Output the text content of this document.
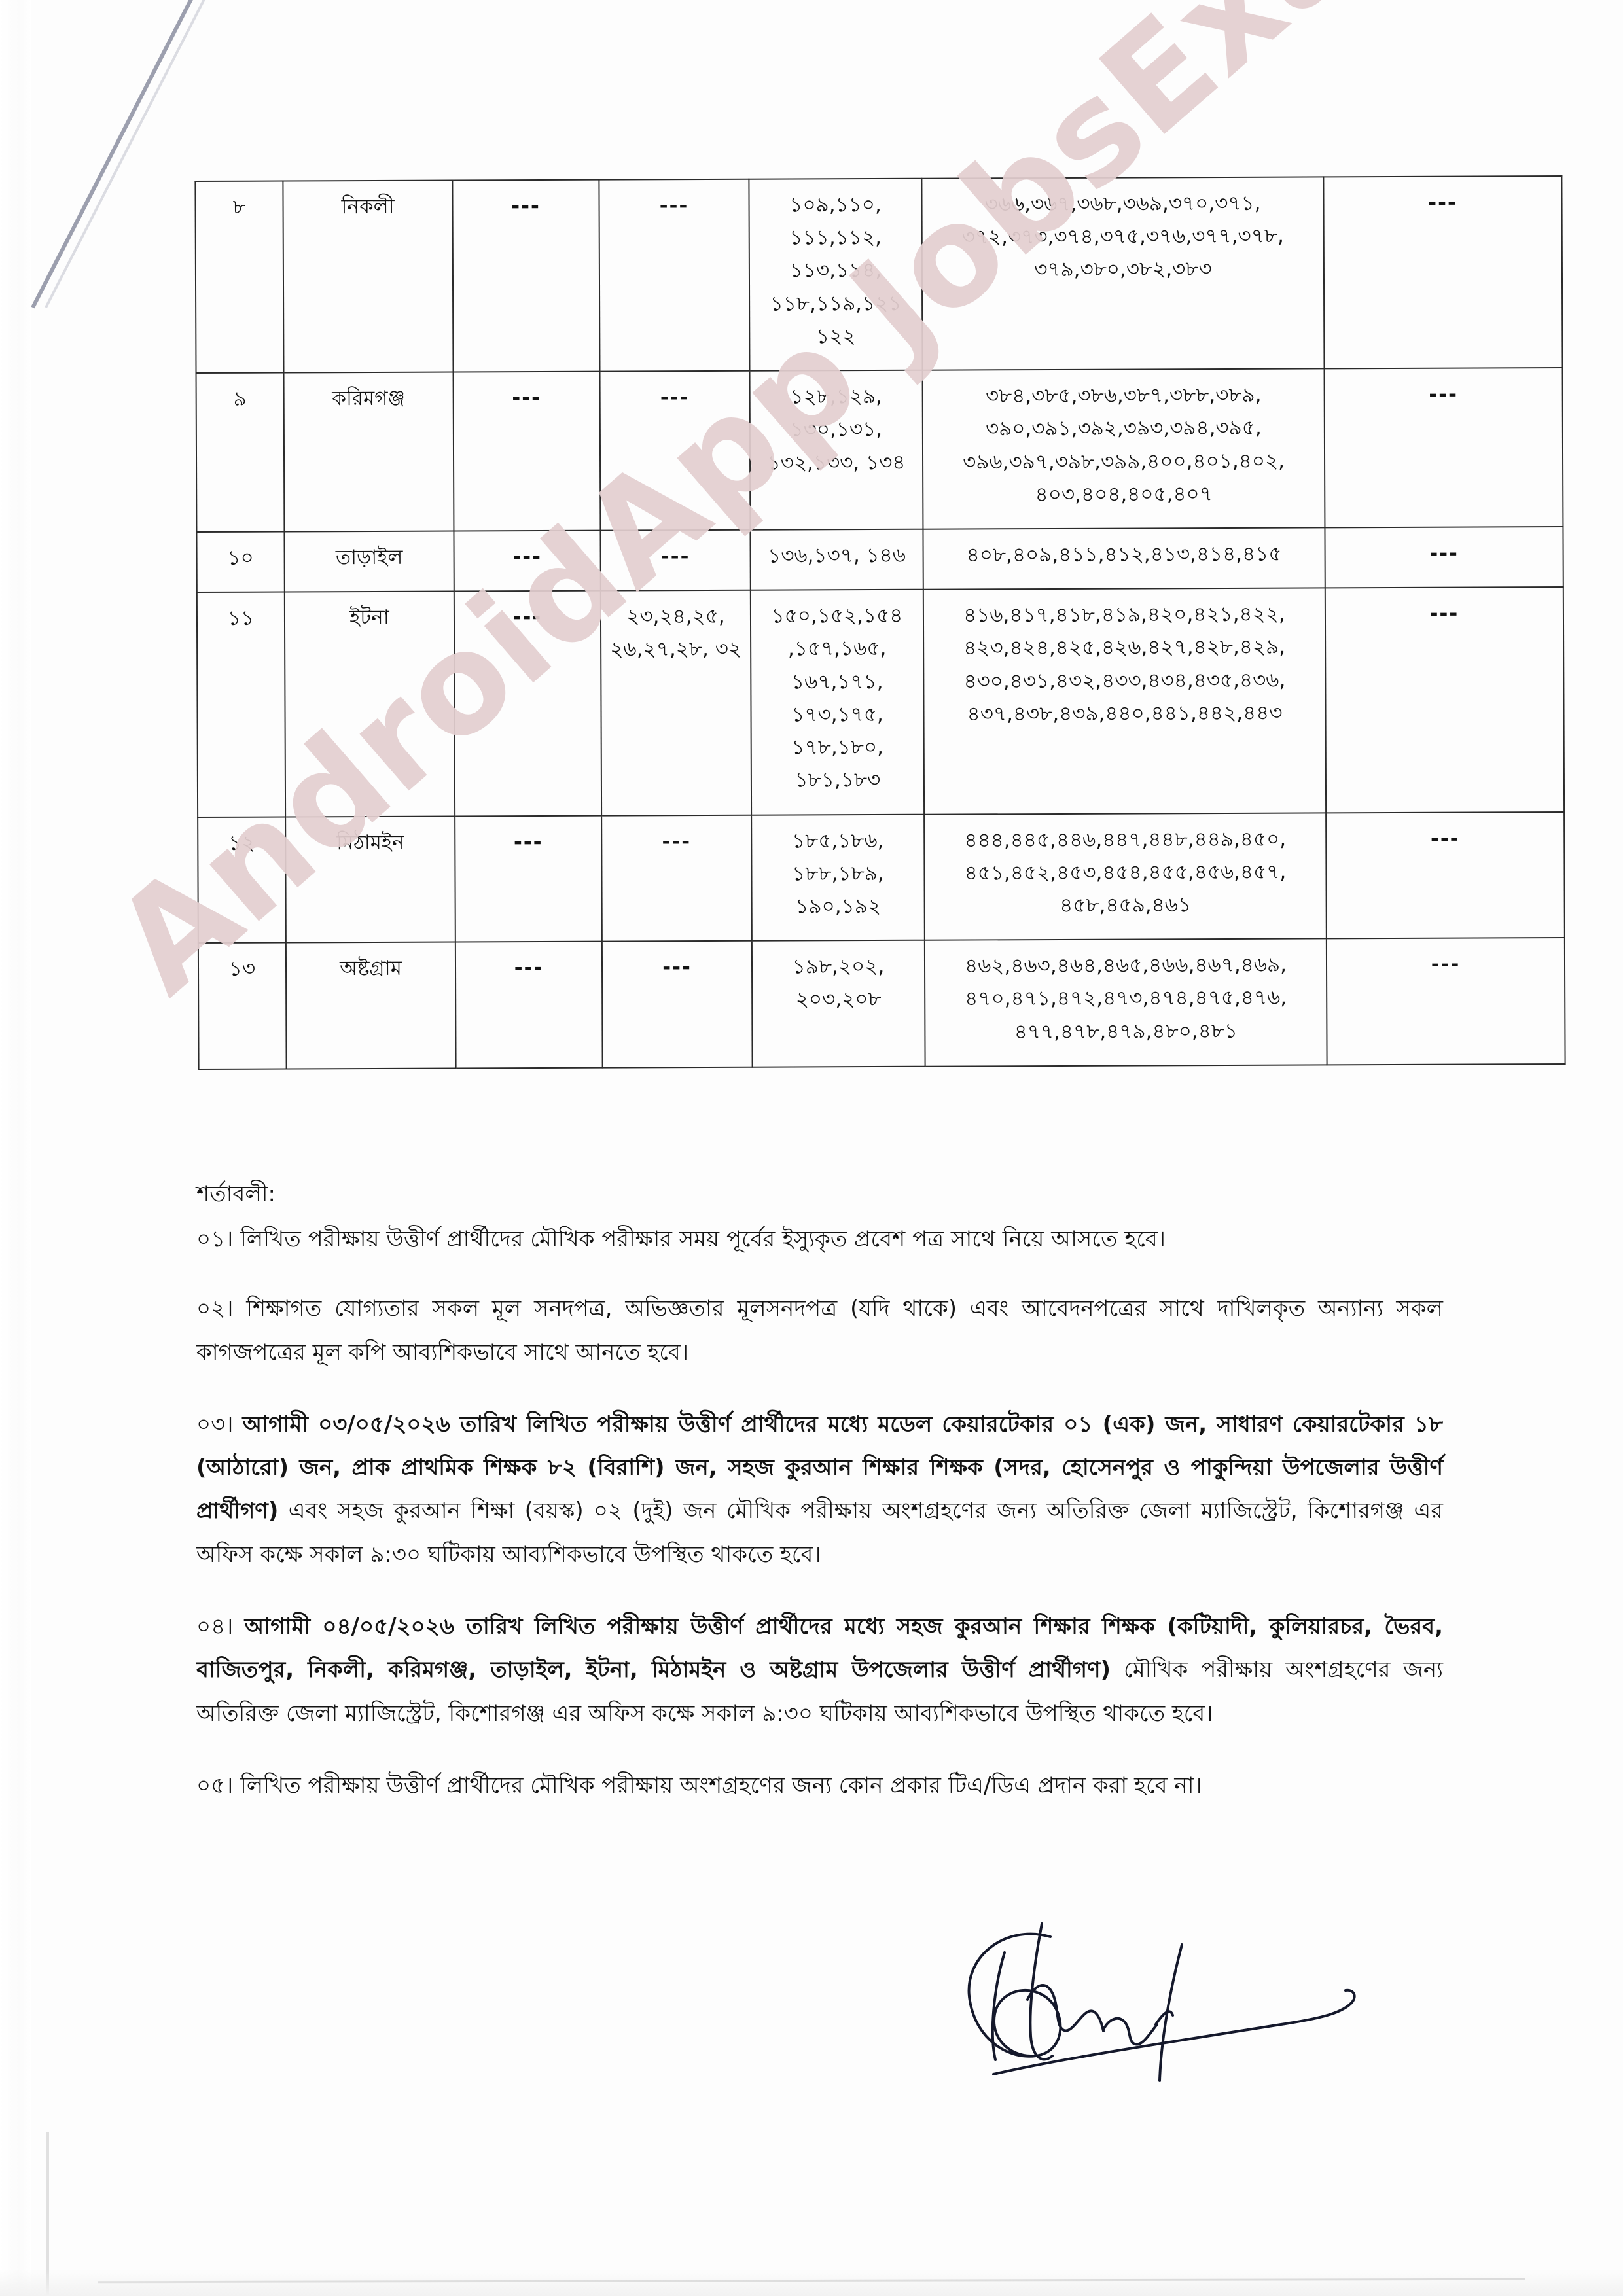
৮	নিকলী	---	---	১০৯,১১০, ১১১,১১২, ১১৩,১১৪, ১১৮,১১৯,১২১ ১২২	৩৬৬,৩৬৭,৩৬৮,৩৬৯,৩৭০,৩৭১, ৩৭২,৩৭৩,৩৭৪,৩৭৫,৩৭৬,৩৭৭,৩৭৮, ৩৭৯,৩৮০,৩৮২,৩৮৩	---
৯	করিমগঞ্জ	---	---	১২৮,১২৯, ১৩০,১৩১, ১৩২,১৩৩, ১৩৪	৩৮৪,৩৮৫,৩৮৬,৩৮৭,৩৮৮,৩৮৯, ৩৯০,৩৯১,৩৯২,৩৯৩,৩৯৪,৩৯৫, ৩৯৬,৩৯৭,৩৯৮,৩৯৯,৪০০,৪০১,৪০২, ৪০৩,৪০৪,৪০৫,৪০৭	---
১০	তাড়াইল	---	---	১৩৬,১৩৭, ১৪৬	৪০৮,৪০৯,৪১১,৪১২,৪১৩,৪১৪,৪১৫	---
১১	ইটনা	---	২৩,২৪,২৫, ২৬,২৭,২৮, ৩২	১৫০,১৫২,১৫৪ ,১৫৭,১৬৫, ১৬৭,১৭১, ১৭৩,১৭৫, ১৭৮,১৮০, ১৮১,১৮৩	৪১৬,৪১৭,৪১৮,৪১৯,৪২০,৪২১,৪২২, ৪২৩,৪২৪,৪২৫,৪২৬,৪২৭,৪২৮,৪২৯, ৪৩০,৪৩১,৪৩২,৪৩৩,৪৩৪,৪৩৫,৪৩৬, ৪৩৭,৪৩৮,৪৩৯,৪৪০,৪৪১,৪৪২,৪৪৩	---
১২	মিঠামইন	---	---	১৮৫,১৮৬, ১৮৮,১৮৯, ১৯০,১৯২	৪৪৪,৪৪৫,৪৪৬,৪৪৭,৪৪৮,৪৪৯,৪৫০, ৪৫১,৪৫২,৪৫৩,৪৫৪,৪৫৫,৪৫৬,৪৫৭, ৪৫৮,৪৫৯,৪৬১	---
১৩	অষ্টগ্রাম	---	---	১৯৮,২০২, ২০৩,২০৮	৪৬২,৪৬৩,৪৬৪,৪৬৫,৪৬৬,৪৬৭,৪৬৯, ৪৭০,৪৭১,৪৭২,৪৭৩,৪৭৪,৪৭৫,৪৭৬, ৪৭৭,৪৭৮,৪৭৯,৪৮০,৪৮১	---

শর্তাবলী:

০১। লিখিত পরীক্ষায় উত্তীর্ণ প্রার্থীদের মৌখিক পরীক্ষার সময় পূর্বের ইস্যুকৃত প্রবেশ পত্র সাথে নিয়ে আসতে হবে।

০২। শিক্ষাগত যোগ্যতার সকল মূল সনদপত্র, অভিজ্ঞতার মূলসনদপত্র (যদি থাকে) এবং আবেদনপত্রের সাথে দাখিলকৃত অন্যান্য সকল কাগজপত্রের মূল কপি আব্যশিকভাবে সাথে আনতে হবে।

০৩। আগামী ০৩/০৫/২০২৬ তারিখ লিখিত পরীক্ষায় উত্তীর্ণ প্রার্থীদের মধ্যে মডেল কেয়ারটেকার ০১ (এক) জন, সাধারণ কেয়ারটেকার ১৮ (আঠারো) জন, প্রাক প্রাথমিক শিক্ষক ৮২ (বিরাশি) জন, সহজ কুরআন শিক্ষার শিক্ষক (সদর, হোসেনপুর ও পাকুন্দিয়া উপজেলার উত্তীর্ণ প্রার্থীগণ) এবং সহজ কুরআন শিক্ষা (বয়স্ক) ০২ (দুই) জন মৌখিক পরীক্ষায় অংশগ্রহণের জন্য অতিরিক্ত জেলা ম্যাজিস্ট্রেট, কিশোরগঞ্জ এর অফিস কক্ষে সকাল ৯:৩০ ঘটিকায় আব্যশিকভাবে উপস্থিত থাকতে হবে।

০৪। আগামী ০৪/০৫/২০২৬ তারিখ লিখিত পরীক্ষায় উত্তীর্ণ প্রার্থীদের মধ্যে সহজ কুরআন শিক্ষার শিক্ষক (কটিয়াদী, কুলিয়ারচর, ভৈরব, বাজিতপুর, নিকলী, করিমগঞ্জ, তাড়াইল, ইটনা, মিঠামইন ও অষ্টগ্রাম উপজেলার উত্তীর্ণ প্রার্থীগণ) মৌখিক পরীক্ষায় অংশগ্রহণের জন্য অতিরিক্ত জেলা ম্যাজিস্ট্রেট, কিশোরগঞ্জ এর অফিস কক্ষে সকাল ৯:৩০ ঘটিকায় আব্যশিকভাবে উপস্থিত থাকতে হবে।

০৫। লিখিত পরীক্ষায় উত্তীর্ণ প্রার্থীদের মৌখিক পরীক্ষায় অংশগ্রহণের জন্য কোন প্রকার টিএ/ডিএ প্রদান করা হবে না।
